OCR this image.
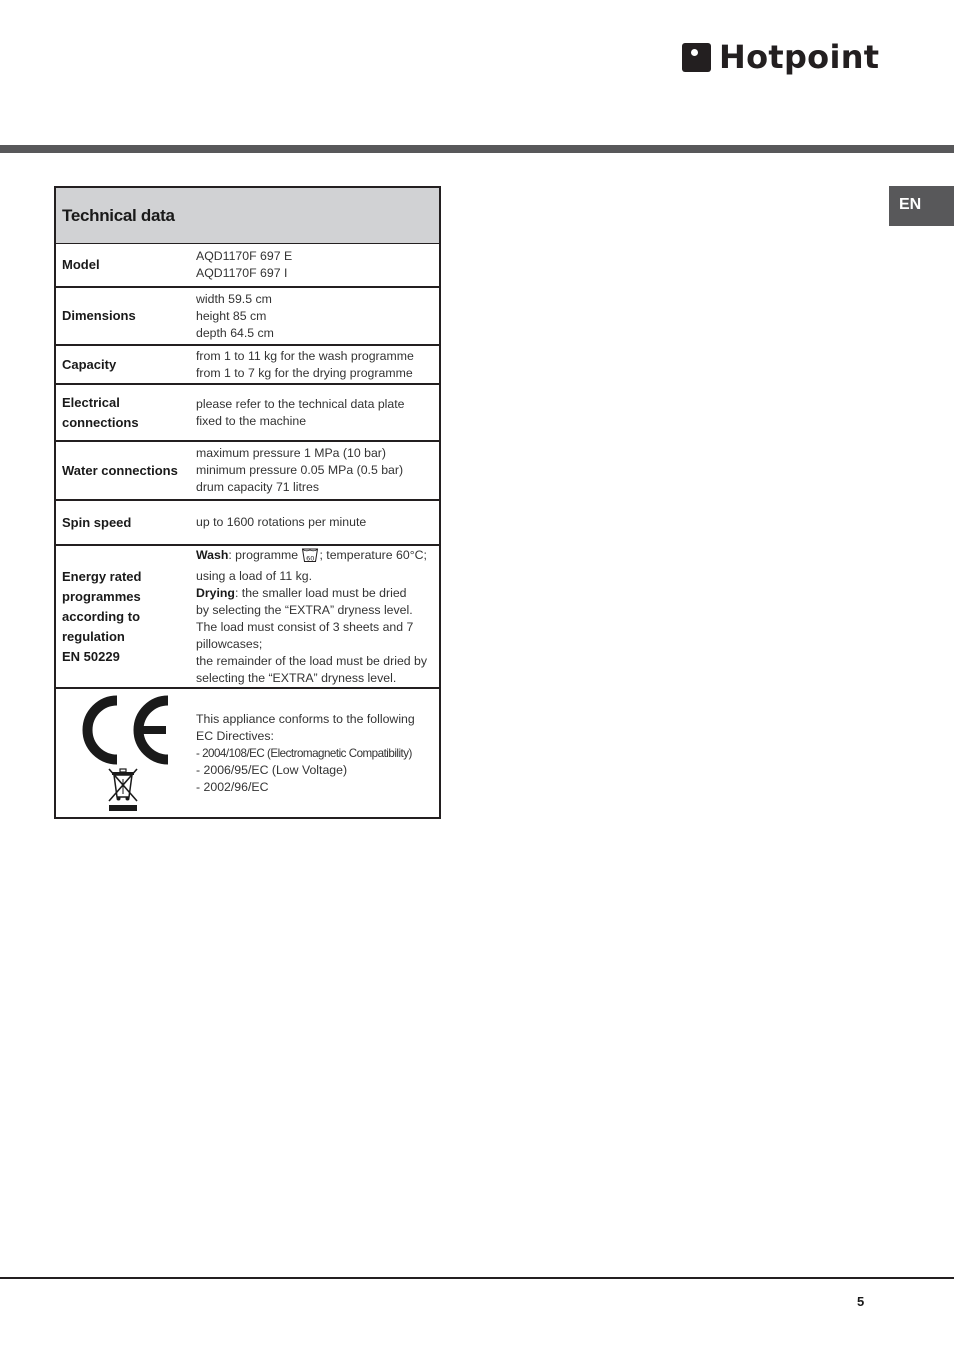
Hotpoint
EN
Technical data
Model
AQD1170F 697 E
AQD1170F 697 I
Dimensions
width 59.5 cm
height 85 cm
depth 64.5 cm
Capacity
from 1 to 11 kg for the wash programme
from 1 to 7 kg for the drying programme
Electrical
connections
please refer to the technical data plate
fixed to the machine
Water connections
maximum pressure 1 MPa (10 bar)
minimum pressure 0.05 MPa (0.5 bar)
drum capacity 71 litres
Spin speed	up to 1600 rotations per minute
Energy rated
programmes
according to
regulation
EN 50229
Wash: programme 60 ; temperature 60°C;
using a load of 11 kg.
Drying: the smaller load must be dried
by selecting the “EXTRA” dryness level.
The load must consist of 3 sheets and 7
pillowcases;
the remainder of the load must be dried by
selecting the “EXTRA” dryness level.
This appliance conforms to the following
EC Directives:
- 2004/108/EC (Electromagnetic Compatibility)
- 2006/95/EC (Low Voltage)
- 2002/96/EC
5
